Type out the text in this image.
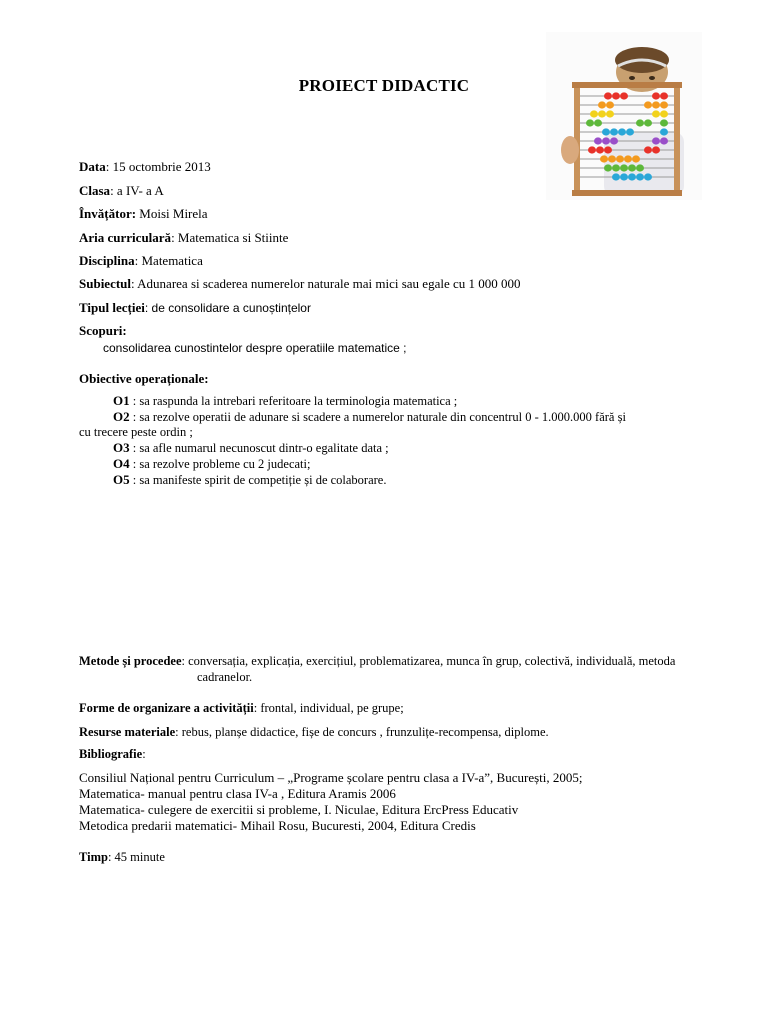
PROIECT DIDACTIC
Data: 15 octombrie 2013
Clasa: a IV- a A
Învățător: Moisi Mirela
Aria curriculară: Matematica si Stiinte
Disciplina: Matematica
Subiectul: Adunarea si scaderea numerelor naturale mai mici sau egale cu 1 000 000
Tipul lecției: de consolidare a cunoștințelor
Scopuri:
consolidarea cunostintelor despre operatiile matematice ;
Obiective operaționale:
O1 : sa raspunda la intrebari referitoare la terminologia matematica ;
O2 : sa rezolve operatii de adunare si scadere a numerelor naturale din concentrul 0 - 1.000.000 fără și
cu trecere peste ordin ;
O3 : sa afle numarul necunoscut dintr-o egalitate data ;
O4 : sa rezolve probleme cu 2 judecati;
O5 : sa manifeste spirit de competiție și de colaborare.
Metode și procedee: conversația, explicația, exercițiul, problematizarea, munca în grup, colectivă, individuală, metoda
cadranelor.
Forme de organizare a activității: frontal, individual, pe grupe;
Resurse materiale: rebus, planșe didactice, fișe de concurs , frunzulițe-recompensa, diplome.
Bibliografie:
Consiliul Național pentru Curriculum – „Programe școlare pentru clasa a IV-a”, București, 2005;
Matematica- manual pentru clasa IV-a , Editura Aramis 2006
Matematica- culegere de exercitii si probleme, I. Niculae, Editura ErcPress Educativ
Metodica predarii matematici- Mihail Rosu, Bucuresti, 2004, Editura Credis
Timp: 45 minute
